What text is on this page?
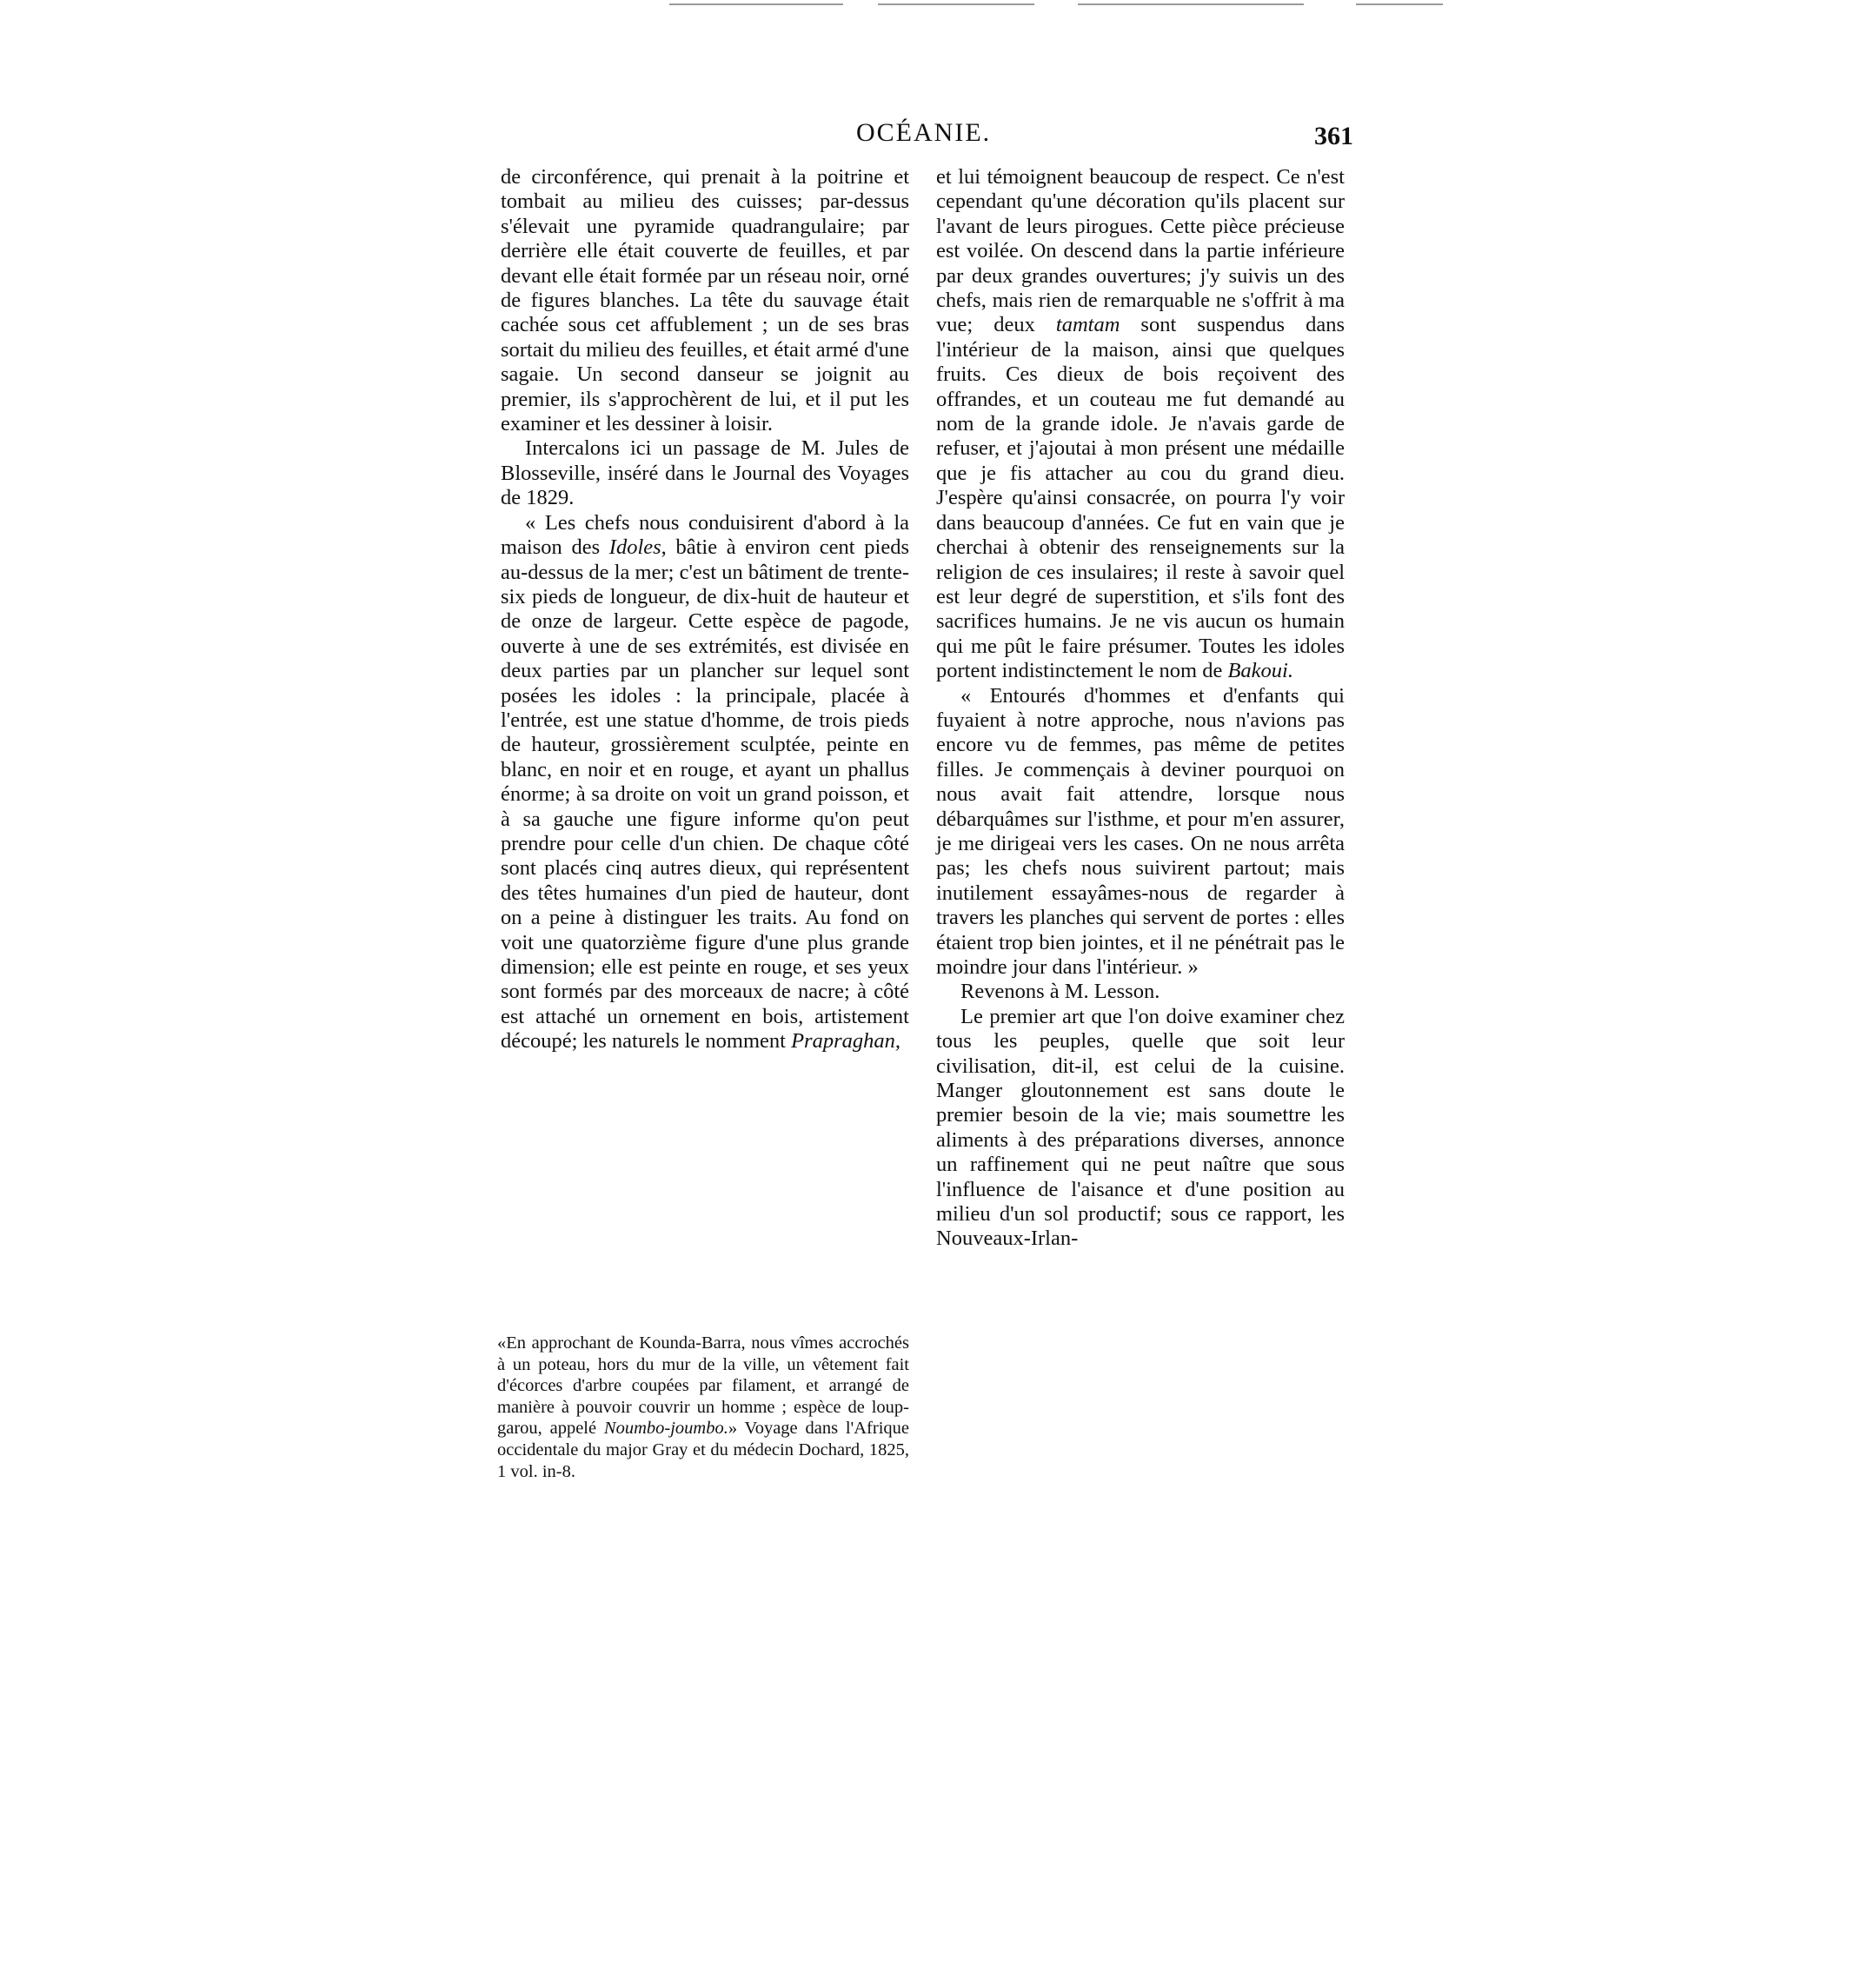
OCÉANIE.	361

de circonférence, qui prenait à la poitrine et tombait au milieu des cuisses; par-dessus s'élevait une pyramide quadrangulaire; par derrière elle était couverte de feuilles, et par devant elle était formée par un réseau noir, orné de figures blanches. La tête du sauvage était cachée sous cet affublement ; un de ses bras sortait du milieu des feuilles, et était armé d'une sagaie. Un second danseur se joignit au premier, ils s'approchèrent de lui, et il put les examiner et les dessiner à loisir.

Intercalons ici un passage de M. Jules de Blosseville, inséré dans le Journal des Voyages de 1829.

« Les chefs nous conduisirent d'abord à la maison des Idoles, bâtie à environ cent pieds au-dessus de la mer; c'est un bâtiment de trente-six pieds de longueur, de dix-huit de hauteur et de onze de largeur. Cette espèce de pagode, ouverte à une de ses extrémités, est divisée en deux parties par un plancher sur lequel sont posées les idoles : la principale, placée à l'entrée, est une statue d'homme, de trois pieds de hauteur, grossièrement sculptée, peinte en blanc, en noir et en rouge, et ayant un phallus énorme; à sa droite on voit un grand poisson, et à sa gauche une figure informe qu'on peut prendre pour celle d'un chien. De chaque côté sont placés cinq autres dieux, qui représentent des têtes humaines d'un pied de hauteur, dont on a peine à distinguer les traits. Au fond on voit une quatorzième figure d'une plus grande dimension; elle est peinte en rouge, et ses yeux sont formés par des morceaux de nacre; à côté est attaché un ornement en bois, artistement découpé; les naturels le nomment Prapraghan,

«En approchant de Kounda-Barra, nous vîmes accrochés à un poteau, hors du mur de la ville, un vêtement fait d'écorces d'arbre coupées par filament, et arrangé de manière à pouvoir couvrir un homme ; espèce de loup-garou, appelé Noumbo-joumbo.» Voyage dans l'Afrique occidentale du major Gray et du médecin Dochard, 1825, 1 vol. in-8.

et lui témoignent beaucoup de respect. Ce n'est cependant qu'une décoration qu'ils placent sur l'avant de leurs pirogues. Cette pièce précieuse est voilée. On descend dans la partie inférieure par deux grandes ouvertures; j'y suivis un des chefs, mais rien de remarquable ne s'offrit à ma vue; deux tamtam sont suspendus dans l'intérieur de la maison, ainsi que quelques fruits. Ces dieux de bois reçoivent des offrandes, et un couteau me fut demandé au nom de la grande idole. Je n'avais garde de refuser, et j'ajoutai à mon présent une médaille que je fis attacher au cou du grand dieu. J'espère qu'ainsi consacrée, on pourra l'y voir dans beaucoup d'années. Ce fut en vain que je cherchai à obtenir des renseignements sur la religion de ces insulaires; il reste à savoir quel est leur degré de superstition, et s'ils font des sacrifices humains. Je ne vis aucun os humain qui me pût le faire présumer. Toutes les idoles portent indistinctement le nom de Bakoui.

« Entourés d'hommes et d'enfants qui fuyaient à notre approche, nous n'avions pas encore vu de femmes, pas même de petites filles. Je commençais à deviner pourquoi on nous avait fait attendre, lorsque nous débarquâmes sur l'isthme, et pour m'en assurer, je me dirigeai vers les cases. On ne nous arrêta pas; les chefs nous suivirent partout; mais inutilement essayâmes-nous de regarder à travers les planches qui servent de portes : elles étaient trop bien jointes, et il ne pénétrait pas le moindre jour dans l'intérieur. »

Revenons à M. Lesson.

Le premier art que l'on doive examiner chez tous les peuples, quelle que soit leur civilisation, dit-il, est celui de la cuisine. Manger gloutonnement est sans doute le premier besoin de la vie; mais soumettre les aliments à des préparations diverses, annonce un raffinement qui ne peut naître que sous l'influence de l'aisance et d'une position au milieu d'un sol productif; sous ce rapport, les Nouveaux-Irlan-
